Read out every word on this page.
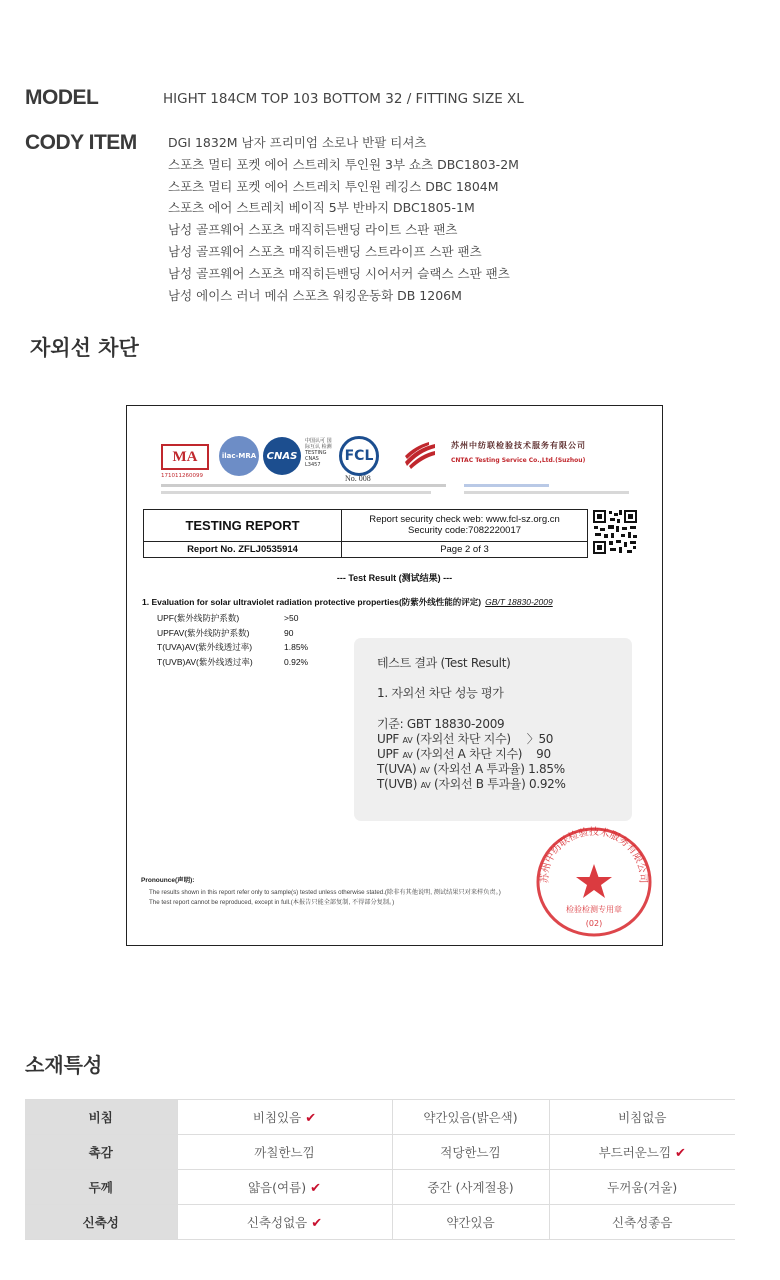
MODEL	HIGHT 184CM TOP 103 BOTTOM 32 / FITTING SIZE XL
CODY ITEM DGI 1832M 남자 프리미엄 소로나 반팔 티셔츠
스포츠 멀티 포켓 에어 스트레치 투인원 3부 쇼츠 DBC1803-2M
스포츠 멀티 포켓 에어 스트레치 투인원 레깅스 DBC 1804M
스포츠 에어 스트레치 베이직 5부 반바지 DBC1805-1M
남성 골프웨어 스포츠 매직히든밴딩 라이트 스판 팬츠
남성 골프웨어 스포츠 매직히든밴딩 스트라이프 스판 팬츠
남성 골프웨어 스포츠 매직히든밴딩 시어서커 슬랙스 스판 팬츠
남성 에이스 러너 메쉬 스포츠 워킹운동화 DB 1206M
자외선 차단
MA
171011260099
ilac-MRA	CNAS
中国认可 国际互认 检测 TESTING CNAS L3457
FCL
No. 008
苏州中纺联检验技术服务有限公司
CNTAC Testing Service Co.,Ltd.(Suzhou)
TESTING REPORT	Report security check web: www.fcl-sz.org.cn
Security code:7082220017

Report No. ZFLJ0535914	Page 2 of 3
--- Test Result (测试结果) ---
1. Evaluation for solar ultraviolet radiation protective properties(防紫外线性能的评定) GB/T 18830-2009
UPF(紫外线防护系数)	>50
UPFAV(紫外线防护系数)	90
T(UVA)AV(紫外线透过率)	1.85%
T(UVB)AV(紫外线透过率)	0.92%	테스트 결과 (Test Result)
1. 자외선 차단 성능 평가
기준: GBT 18830-2009
UPF AV (자외선 차단 지수) 〉50
UPF AV (자외선 A 차단 지수) 90
T(UVA) AV (자외선 A 투과율) 1.85%
T(UVB) AV (자외선 B 투과율) 0.92%
Pronounce(声明):
The results shown in this report refer only to sample(s) tested unless otherwise stated.(除非有其他说明, 测试结果只对来样负责。)
The test report cannot be reproduced, except in full.(本报告只能全部复制, 不得部分复制。)
检验检测专用章
(02)
苏州中纺联检验技术服务有限公司
소재특성
비침	비침있음 ✔	약간있음(밝은색)	비침없음
촉감	까칠한느낌	적당한느낌	부드러운느낌 ✔
두께	얇음(여름) ✔	중간 (사계절용)	두꺼움(겨울)
신축성	신축성없음 ✔	약간있음	신축성좋음
